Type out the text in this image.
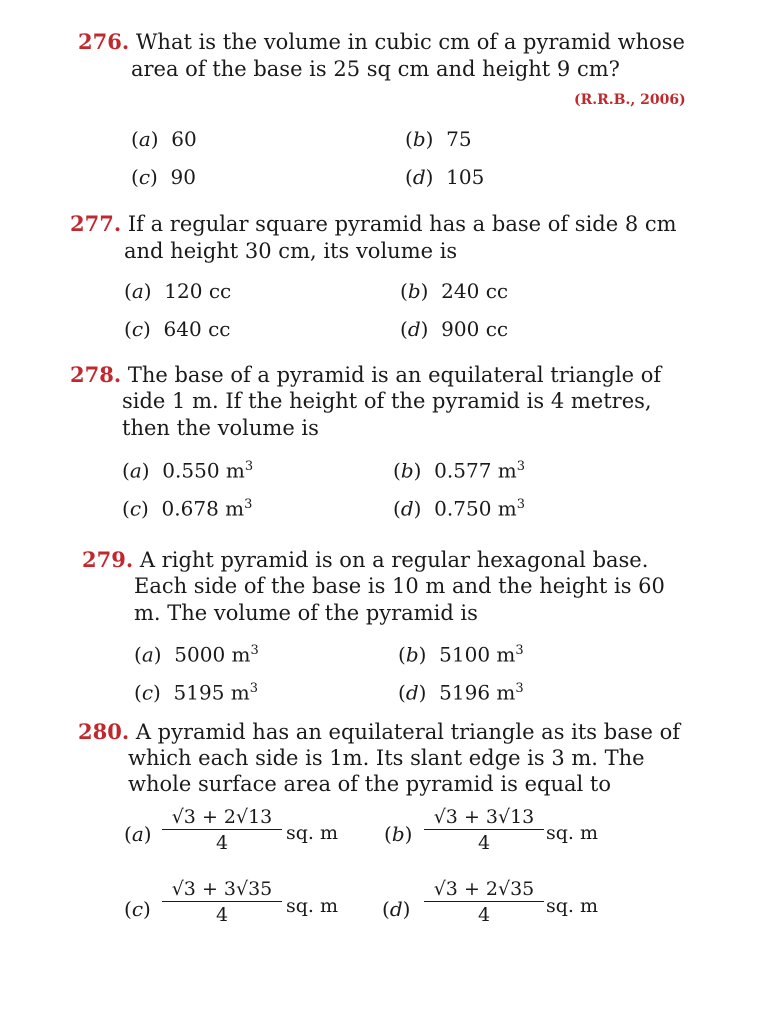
276. What is the volume in cubic cm of a pyramid whose
area of the base is 25 sq cm and height 9 cm?
(R.R.B., 2006)
(a)  60	(b)  75
(c)  90	(d)  105
277. If a regular square pyramid has a base of side 8 cm
and height 30 cm, its volume is
(a)  120 cc	(b)  240 cc
(c)  640 cc	(d)  900 cc
278. The base of a pyramid is an equilateral triangle of
side 1 m. If the height of the pyramid is 4 metres,
then the volume is
(a)  0.550 $m^3$	(b)  0.577 $m^3$
(c)  0.678 $m^3$	(d)  0.750 $m^3$
279. A right pyramid is on a regular hexagonal base.
Each side of the base is 10 m and the height is 60
m. The volume of the pyramid is
(a)  5000 $m^3$	(b)  5100 $m^3$
(c)  5195 $m^3$	(d)  5196 $m^3$
280. A pyramid has an equilateral triangle as its base of
which each side is 1m. Its slant edge is 3 m. The
whole surface area of the pyramid is equal to
$(a) \frac{√3 + 2√13}{4}$ sq. m $(b) \frac{√3 + 3√13}{4}$ sq. m
$(c) \frac{√3 + 3√35}{4}$ sq. m $(d) \frac{√3 + 2√35}{4}$ sq. m
